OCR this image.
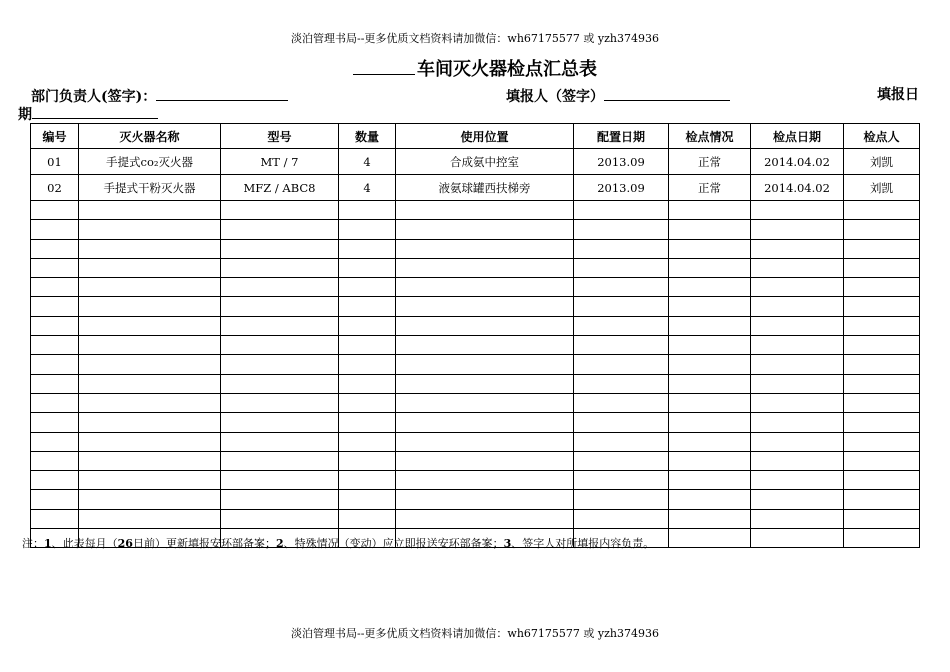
淡泊管理书局--更多优质文档资料请加微信：wh67175577 或 yzh374936
车间灭火器检点汇总表
部门负责人(签字)：	填报人（签字）	填报日
期
编号	灭火器名称	型号	数量	使用位置	配置日期	检点情况	检点日期	检点人
01	手提式co₂灭火器	MT / 7	4	合成氨中控室	2013.09	正常	2014.04.02	刘凯
02	手提式干粉灭火器	MFZ / ABC8	4	液氨球罐西扶梯旁	2013.09	正常	2014.04.02	刘凯

注：1、此表每月（26日前）更新填报安环部备案；2、特殊情况（变动）应立即报送安环部备案；3、签字人对所填报内容负责。
淡泊管理书局--更多优质文档资料请加微信：wh67175577 或 yzh374936
